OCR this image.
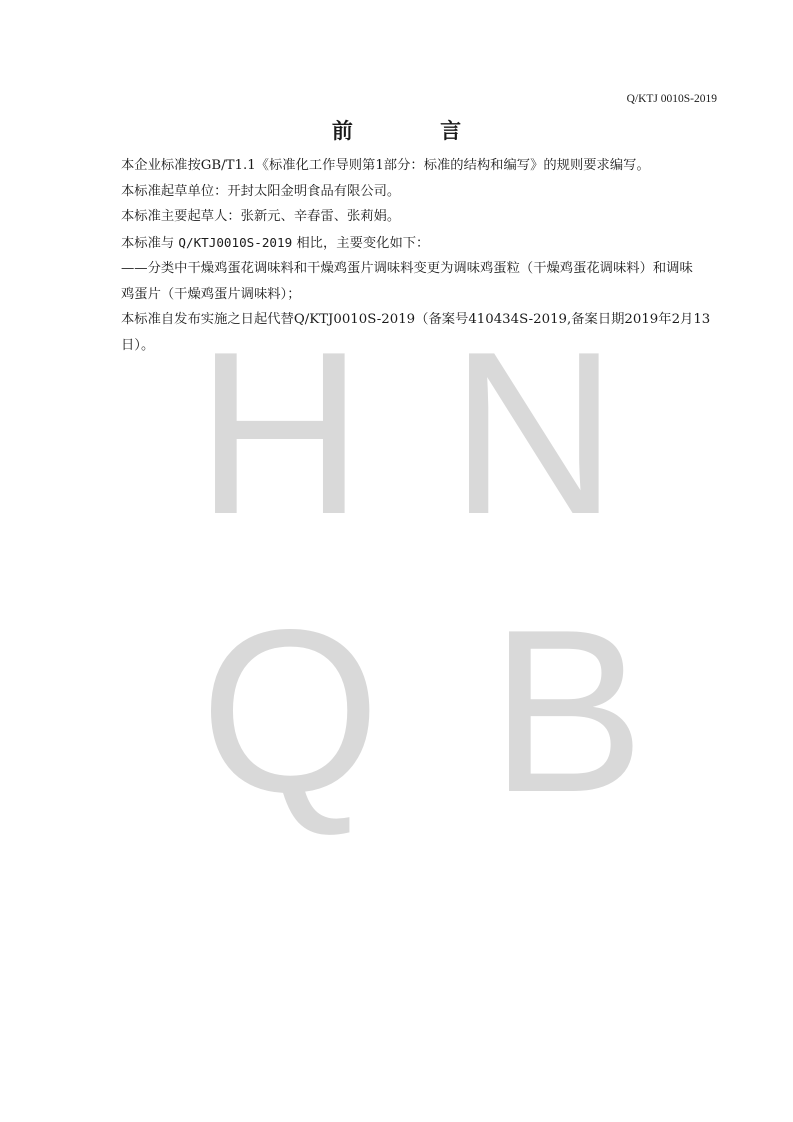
H N
Q B
Q/KTJ 0010S-2019
前 言

本企业标准按GB/T1.1《标准化工作导则第1部分：标准的结构和编写》的规则要求编写。

本标准起草单位：开封太阳金明食品有限公司。

本标准主要起草人：张新元、辛春雷、张莉娟。

本标准与 Q/KTJ0010S-2019 相比，主要变化如下：

——分类中干燥鸡蛋花调味料和干燥鸡蛋片调味料变更为调味鸡蛋粒（干燥鸡蛋花调味料）和调味

鸡蛋片（干燥鸡蛋片调味料）；

本标准自发布实施之日起代替Q/KTJ0010S-2019（备案号410434S-2019,备案日期2019年2月13日）。
